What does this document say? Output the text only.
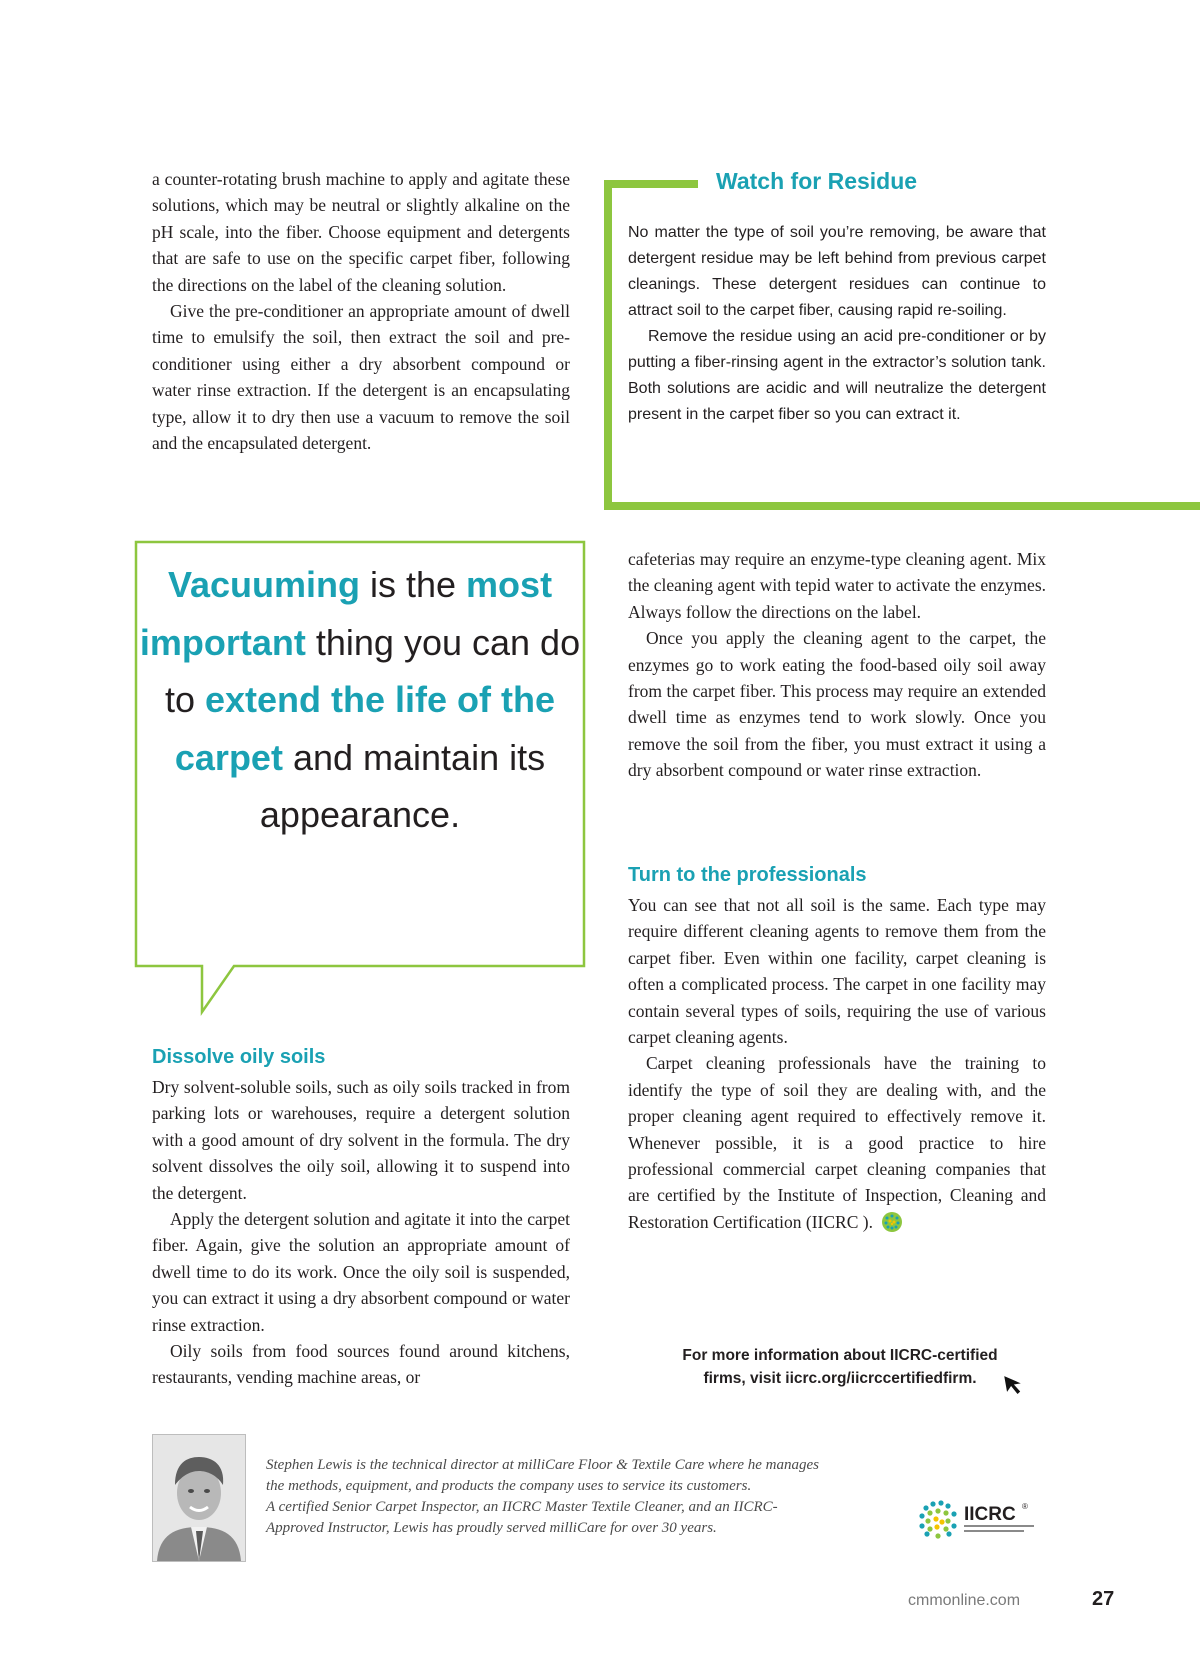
a counter-rotating brush machine to apply and agitate these solutions, which may be neutral or slightly alkaline on the pH scale, into the fiber. Choose equipment and detergents that are safe to use on the specific carpet fiber, following the directions on the label of the cleaning solution.

Give the pre-conditioner an appropriate amount of dwell time to emulsify the soil, then extract the soil and pre-conditioner using either a dry absorbent compound or water rinse extraction. If the detergent is an encapsulating type, allow it to dry then use a vacuum to remove the soil and the encapsulated detergent.

Watch for Residue

No matter the type of soil you’re removing, be aware that detergent residue may be left behind from previous carpet cleanings. These detergent residues can continue to attract soil to the carpet fiber, causing rapid re-soiling.

Remove the residue using an acid pre-conditioner or by putting a fiber-rinsing agent in the extractor’s solution tank. Both solutions are acidic and will neutralize the detergent present in the carpet fiber so you can extract it.

Vacuuming is the most important thing you can do to extend the life of the carpet and maintain its appearance.
Dissolve oily soils

Dry solvent-soluble soils, such as oily soils tracked in from parking lots or warehouses, require a detergent solution with a good amount of dry solvent in the formula. The dry solvent dissolves the oily soil, allowing it to suspend into the detergent.

Apply the detergent solution and agitate it into the carpet fiber. Again, give the solution an appropriate amount of dwell time to do its work. Once the oily soil is suspended, you can extract it using a dry absorbent compound or water rinse extraction.

Oily soils from food sources found around kitchens, restaurants, vending machine areas, or

cafeterias may require an enzyme-type cleaning agent. Mix the cleaning agent with tepid water to activate the enzymes. Always follow the directions on the label.

Once you apply the cleaning agent to the carpet, the enzymes go to work eating the food-based oily soil away from the carpet fiber. This process may require an extended dwell time as enzymes tend to work slowly. Once you remove the soil from the fiber, you must extract it using a dry absorbent compound or water rinse extraction.

Turn to the professionals

You can see that not all soil is the same. Each type may require different cleaning agents to remove them from the carpet fiber. Even within one facility, carpet cleaning is often a complicated process. The carpet in one facility may contain several types of soils, requiring the use of various carpet cleaning agents.

Carpet cleaning professionals have the training to identify the type of soil they are dealing with, and the proper cleaning agent required to effectively remove it. Whenever possible, it is a good practice to hire professional commercial carpet cleaning companies that are certified by the Institute of Inspection, Cleaning and Restoration Certification (IICRC ).

For more information about IICRC-certified
firms, visit iicrc.org/iicrccertifiedfirm.

Stephen Lewis is the technical director at milliCare Floor & Textile Care where he manages

the methods, equipment, and products the company uses to service its customers.

A certified Senior Carpet Inspector, an IICRC Master Textile Cleaner, and an IICRC-

Approved Instructor, Lewis has proudly served milliCare for over 30 years.

IICRC ®
cmmonline.com	27
